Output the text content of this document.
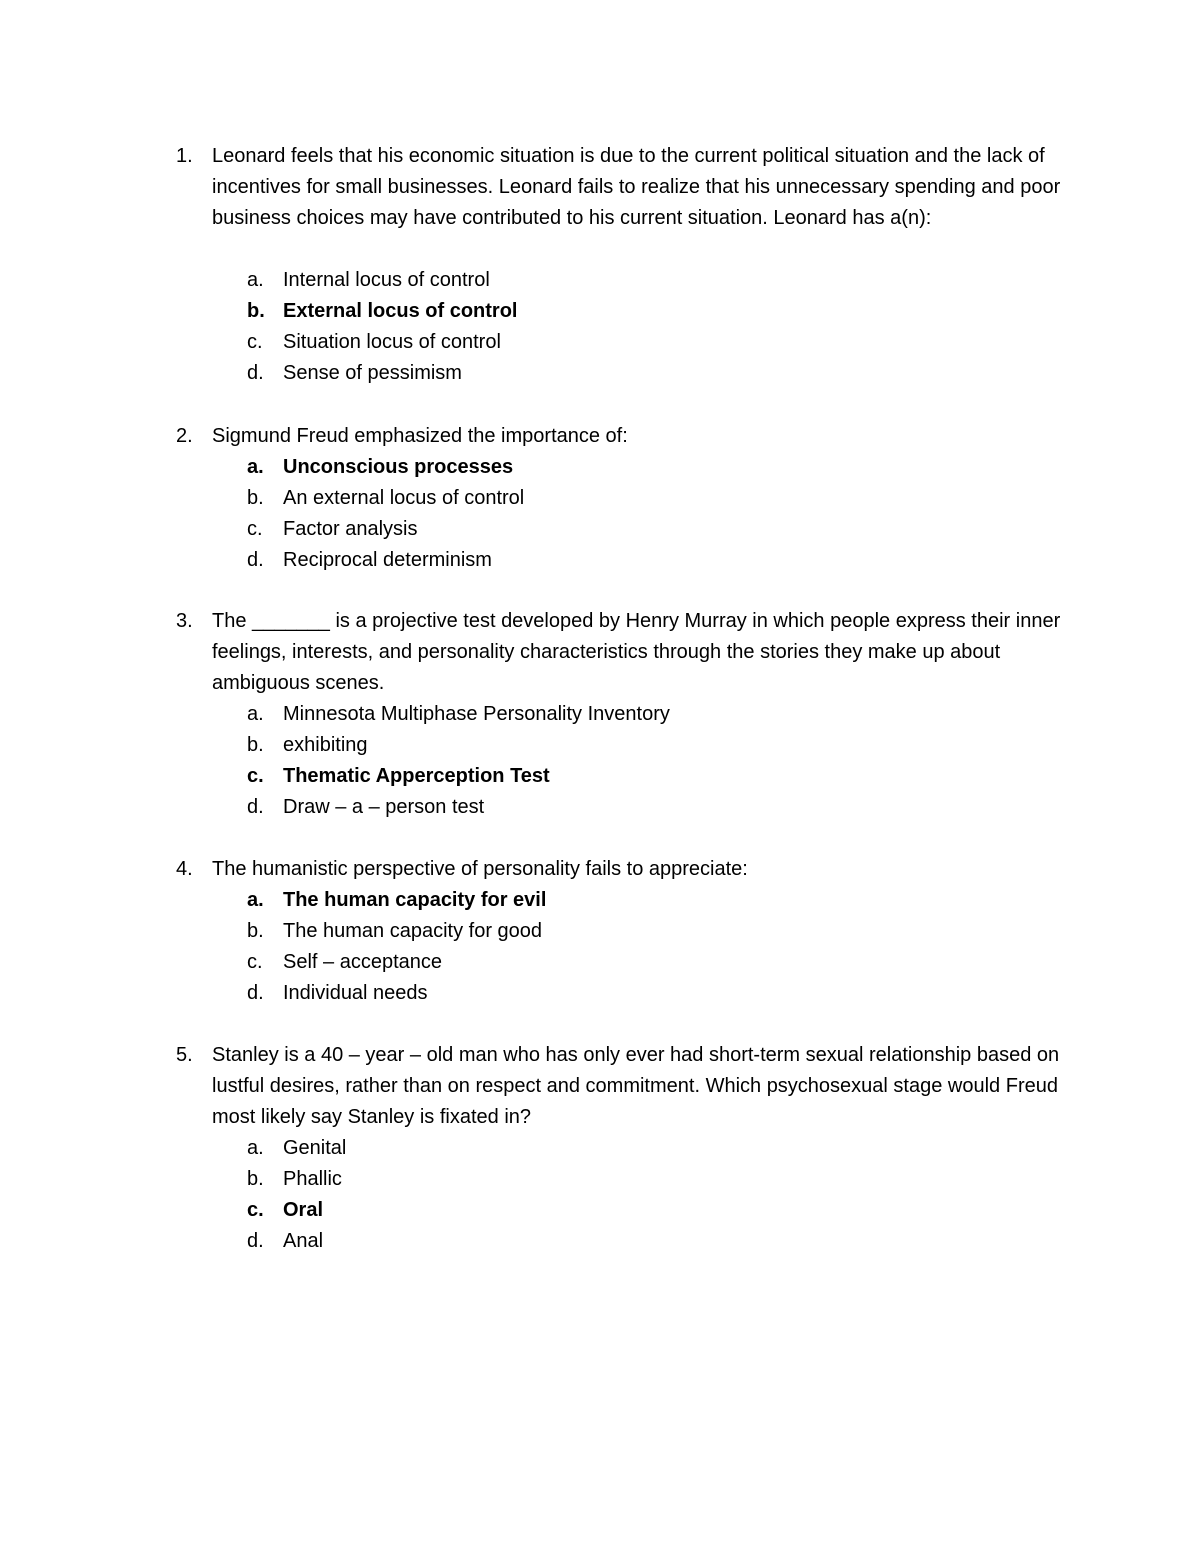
1. Leonard feels that his economic situation is due to the current political situation and the lack of incentives for small businesses. Leonard fails to realize that his unnecessary spending and poor business choices may have contributed to his current situation. Leonard has a(n):
a. Internal locus of control
b. External locus of control
c. Situation locus of control
d. Sense of pessimism
2. Sigmund Freud emphasized the importance of:
a. Unconscious processes
b. An external locus of control
c. Factor analysis
d. Reciprocal determinism
3. The _______ is a projective test developed by Henry Murray in which people express their inner feelings, interests, and personality characteristics through the stories they make up about ambiguous scenes.
a. Minnesota Multiphase Personality Inventory
b. exhibiting
c. Thematic Apperception Test
d. Draw – a – person test
4. The humanistic perspective of personality fails to appreciate:
a. The human capacity for evil
b. The human capacity for good
c. Self – acceptance
d. Individual needs
5. Stanley is a 40 – year – old man who has only ever had short-term sexual relationship based on lustful desires, rather than on respect and commitment. Which psychosexual stage would Freud most likely say Stanley is fixated in?
a. Genital
b. Phallic
c. Oral
d. Anal
